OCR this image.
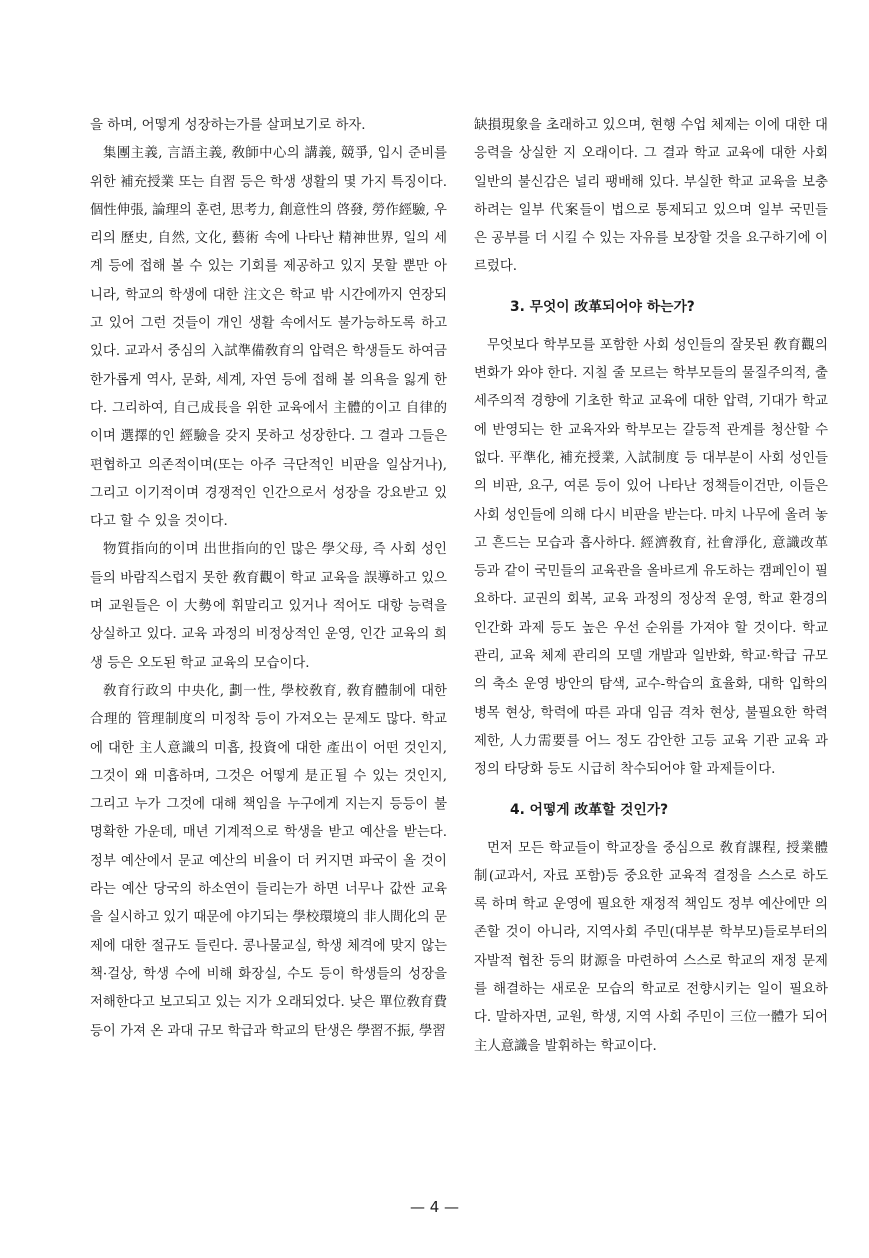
을 하며, 어떻게 성장하는가를 살펴보기로 하자.

集團主義, 言語主義, 敎師中心의 講義, 競爭, 입시 준비를 위한 補充授業 또는 自習 등은 학생 생활의 몇 가지 특징이다. 個性伸張, 論理의 훈련, 思考力, 創意性의 啓發, 勞作經驗, 우리의 歷史, 自然, 文化, 藝術 속에 나타난 精神世界, 일의 세계 등에 접해 볼 수 있는 기회를 제공하고 있지 못할 뿐만 아니라, 학교의 학생에 대한 注文은 학교 밖 시간에까지 연장되고 있어 그런 것들이 개인 생활 속에서도 불가능하도록 하고 있다. 교과서 중심의 入試準備敎育의 압력은 학생들도 하여금 한가롭게 역사, 문화, 세계, 자연 등에 접해 볼 의욕을 잃게 한다. 그리하여, 自己成長을 위한 교육에서 主體的이고 自律的이며 選擇的인 經驗을 갖지 못하고 성장한다. 그 결과 그들은 편협하고 의존적이며(또는 아주 극단적인 비판을 일삼거나), 그리고 이기적이며 경쟁적인 인간으로서 성장을 강요받고 있다고 할 수 있을 것이다.

物質指向的이며 出世指向的인 많은 學父母, 즉 사회 성인들의 바람직스럽지 못한 敎育觀이 학교 교육을 誤導하고 있으며 교원들은 이 大勢에 휘말리고 있거나 적어도 대항 능력을 상실하고 있다. 교육 과정의 비정상적인 운영, 인간 교육의 희생 등은 오도된 학교 교육의 모습이다.

敎育行政의 中央化, 劃一性, 學校敎育, 敎育體制에 대한 合理的 管理制度의 미정착 등이 가져오는 문제도 많다. 학교에 대한 主人意識의 미흡, 投資에 대한 產出이 어떤 것인지, 그것이 왜 미흡하며, 그것은 어떻게 是正될 수 있는 것인지, 그리고 누가 그것에 대해 책임을 누구에게 지는지 등등이 불명확한 가운데, 매년 기계적으로 학생을 받고 예산을 받는다. 정부 예산에서 문교 예산의 비율이 더 커지면 파국이 올 것이라는 예산 당국의 하소연이 들리는가 하면 너무나 값싼 교육을 실시하고 있기 때문에 야기되는 學校環境의 非人間化의 문제에 대한 절규도 들린다. 콩나물교실, 학생 체격에 맞지 않는 책·걸상, 학생 수에 비해 화장실, 수도 등이 학생들의 성장을 저해한다고 보고되고 있는 지가 오래되었다. 낮은 單位敎育費 등이 가져 온 과대 규모 학급과 학교의 탄생은 學習不振, 學習

缺損現象을 초래하고 있으며, 현행 수업 체제는 이에 대한 대응력을 상실한 지 오래이다. 그 결과 학교 교육에 대한 사회 일반의 불신감은 널리 팽배해 있다. 부실한 학교 교육을 보충하려는 일부 代案들이 법으로 통제되고 있으며 일부 국민들은 공부를 더 시킬 수 있는 자유를 보장할 것을 요구하기에 이르렀다.

3. 무엇이 改革되어야 하는가?

무엇보다 학부모를 포함한 사회 성인들의 잘못된 敎育觀의 변화가 와야 한다. 지칠 줄 모르는 학부모들의 물질주의적, 출세주의적 경향에 기초한 학교 교육에 대한 압력, 기대가 학교에 반영되는 한 교육자와 학부모는 갈등적 관계를 청산할 수 없다. 平準化, 補充授業, 入試制度 등 대부분이 사회 성인들의 비판, 요구, 여론 등이 있어 나타난 정책들이건만, 이들은 사회 성인들에 의해 다시 비판을 받는다. 마치 나무에 올려 놓고 흔드는 모습과 흡사하다. 經濟敎育, 社會淨化, 意識改革 등과 같이 국민들의 교육관을 올바르게 유도하는 캠페인이 필요하다. 교권의 회복, 교육 과정의 정상적 운영, 학교 환경의 인간화 과제 등도 높은 우선 순위를 가져야 할 것이다. 학교 관리, 교육 체제 관리의 모델 개발과 일반화, 학교·학급 규모의 축소 운영 방안의 탐색, 교수-학습의 효율화, 대학 입학의 병목 현상, 학력에 따른 과대 임금 격차 현상, 불필요한 학력 제한, 人力需要를 어느 정도 감안한 고등 교육 기관 교육 과정의 타당화 등도 시급히 착수되어야 할 과제들이다.

4. 어떻게 改革할 것인가?

먼저 모든 학교들이 학교장을 중심으로 敎育課程, 授業體制(교과서, 자료 포함)등 중요한 교육적 결정을 스스로 하도록 하며 학교 운영에 필요한 재정적 책임도 정부 예산에만 의존할 것이 아니라, 지역사회 주민(대부분 학부모)들로부터의 자발적 협찬 등의 財源을 마련하여 스스로 학교의 재정 문제를 해결하는 새로운 모습의 학교로 전향시키는 일이 필요하다. 말하자면, 교원, 학생, 지역 사회 주민이 三位一體가 되어 主人意識을 발휘하는 학교이다.

— 4 —
